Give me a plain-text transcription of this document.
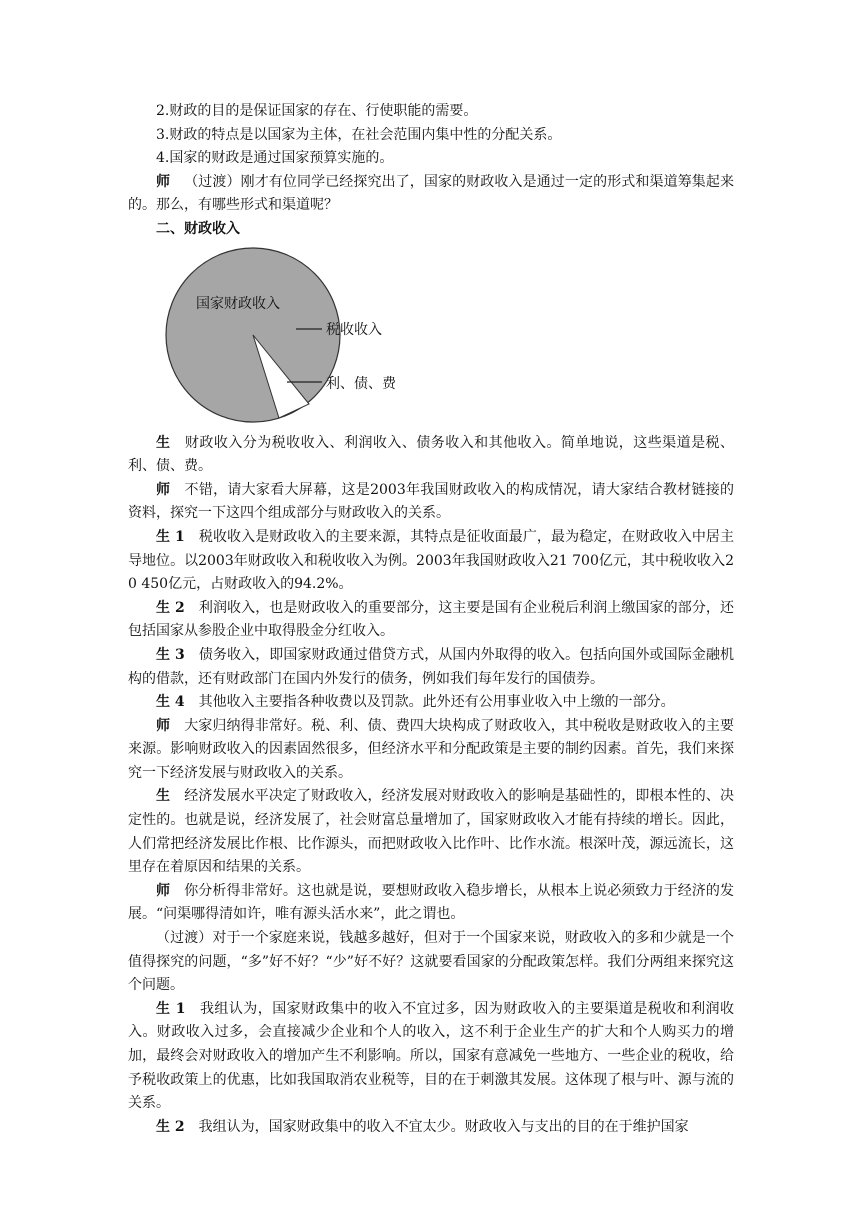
2.财政的目的是保证国家的存在、行使职能的需要。

3.财政的特点是以国家为主体，在社会范围内集中性的分配关系。

4.国家的财政是通过国家预算实施的。

师 （过渡）刚才有位同学已经探究出了，国家的财政收入是通过一定的形式和渠道筹集起来的。那么，有哪些形式和渠道呢？

二、财政收入

国家财政收入
税收收入
利、债、费

生 财政收入分为税收收入、利润收入、债务收入和其他收入。简单地说，这些渠道是税、利、债、费。

师 不错，请大家看大屏幕，这是2003年我国财政收入的构成情况，请大家结合教材链接的资料，探究一下这四个组成部分与财政收入的关系。

生 1 税收收入是财政收入的主要来源，其特点是征收面最广，最为稳定，在财政收入中居主导地位。以2003年财政收入和税收收入为例。2003年我国财政收入21 700亿元，其中税收收入20 450亿元，占财政收入的94.2%。

生 2 利润收入，也是财政收入的重要部分，这主要是国有企业税后利润上缴国家的部分，还包括国家从参股企业中取得股金分红收入。

生 3 债务收入，即国家财政通过借贷方式，从国内外取得的收入。包括向国外或国际金融机构的借款，还有财政部门在国内外发行的债务，例如我们每年发行的国债券。

生 4 其他收入主要指各种收费以及罚款。此外还有公用事业收入中上缴的一部分。

师 大家归纳得非常好。税、利、债、费四大块构成了财政收入，其中税收是财政收入的主要来源。影响财政收入的因素固然很多，但经济水平和分配政策是主要的制约因素。首先，我们来探究一下经济发展与财政收入的关系。

生 经济发展水平决定了财政收入，经济发展对财政收入的影响是基础性的，即根本性的、决定性的。也就是说，经济发展了，社会财富总量增加了，国家财政收入才能有持续的增长。因此，人们常把经济发展比作根、比作源头，而把财政收入比作叶、比作水流。根深叶茂，源远流长，这里存在着原因和结果的关系。

师 你分析得非常好。这也就是说，要想财政收入稳步增长，从根本上说必须致力于经济的发展。“问渠哪得清如许，唯有源头活水来”，此之谓也。

（过渡）对于一个家庭来说，钱越多越好，但对于一个国家来说，财政收入的多和少就是一个值得探究的问题，“多”好不好？“少”好不好？这就要看国家的分配政策怎样。我们分两组来探究这个问题。

生 1 我组认为，国家财政集中的收入不宜过多，因为财政收入的主要渠道是税收和利润收入。财政收入过多，会直接减少企业和个人的收入，这不利于企业生产的扩大和个人购买力的增加，最终会对财政收入的增加产生不利影响。所以，国家有意减免一些地方、一些企业的税收，给予税收政策上的优惠，比如我国取消农业税等，目的在于刺激其发展。这体现了根与叶、源与流的关系。

生 2 我组认为，国家财政集中的收入不宜太少。财政收入与支出的目的在于维护国家
